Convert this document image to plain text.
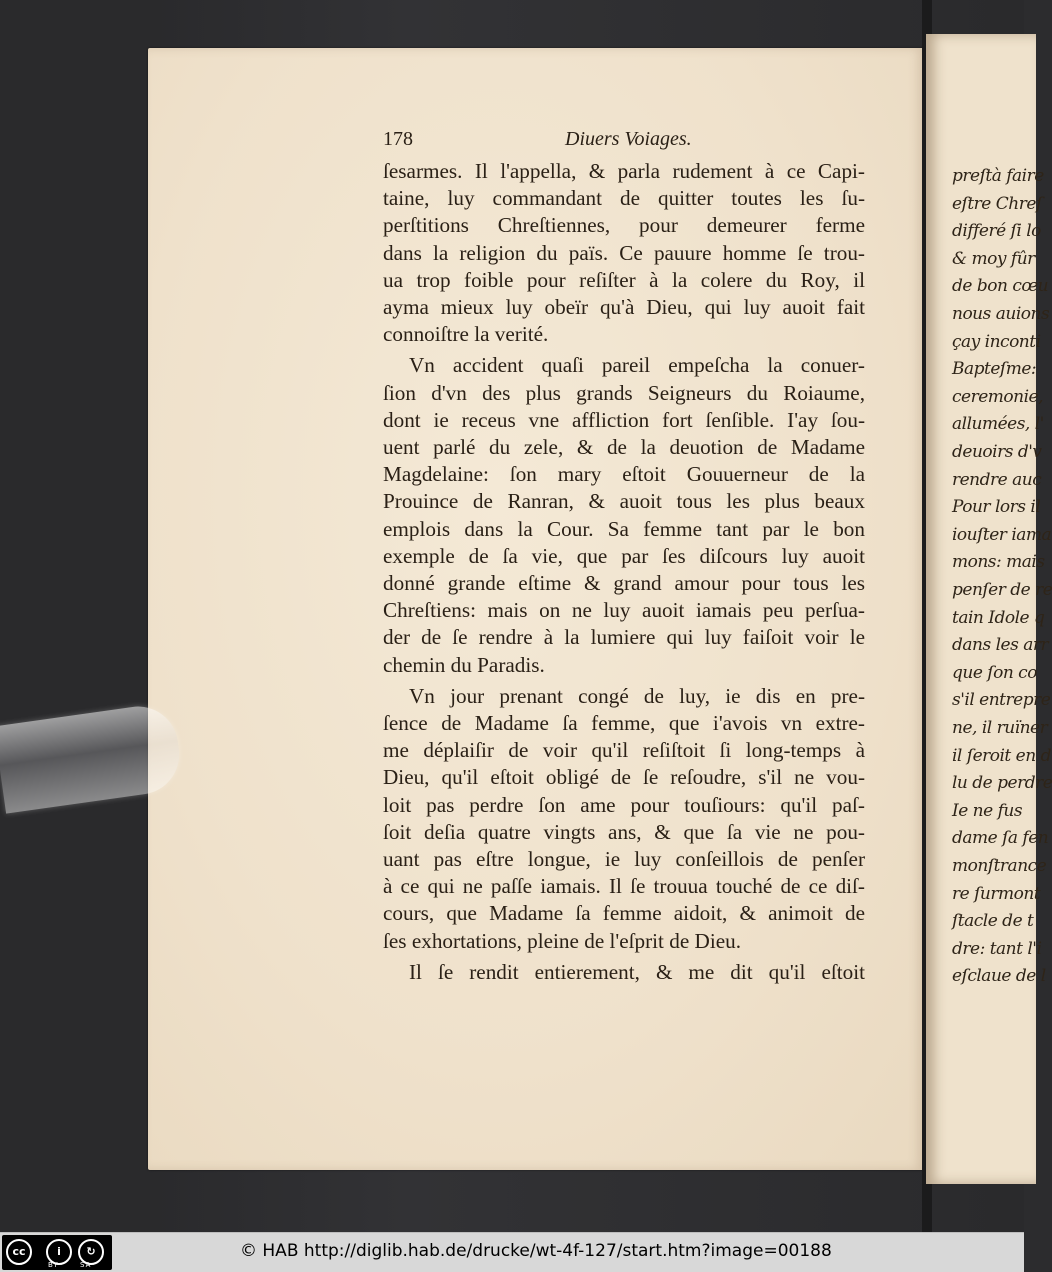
preſtà faire
eſtre Chreſ
differé ſi lo
& moy fûr
de bon cœu
nous auions
çay inconti
Bapteſme:
ceremonie,
allumées, l'
deuoirs d'v
rendre auc
Pour lors il
iouſter iama
mons: mais
penſer de re
tain Idole q
dans les arr
que ſon co
s'il entrepre
ne, il ruïner
il ſeroit en d
lu de perdre
Ie ne fus
dame ſa fen
monſtrance
re ſurmont
ſtacle de t
dre: tant l'i
eſclaue de l
178	Diuers Voiages.
ſesarmes. Il l'appella, & parla rudement à ce Capi-
taine, luy commandant de quitter toutes les ſu-
perſtitions Chreſtiennes, pour demeurer ferme
dans la religion du païs. Ce pauure homme ſe trou-
ua trop foible pour reſiſter à la colere du Roy, il
ayma mieux luy obeïr qu'à Dieu, qui luy auoit fait
connoiſtre la verité.
Vn accident quaſi pareil empeſcha la conuer-
ſion d'vn des plus grands Seigneurs du Roiaume,
dont ie receus vne affliction fort ſenſible. I'ay ſou-
uent parlé du zele, & de la deuotion de Madame
Magdelaine: ſon mary eſtoit Gouuerneur de la
Prouince de Ranran, & auoit tous les plus beaux
emplois dans la Cour. Sa femme tant par le bon
exemple de ſa vie, que par ſes diſcours luy auoit
donné grande eſtime & grand amour pour tous les
Chreſtiens: mais on ne luy auoit iamais peu perſua-
der de ſe rendre à la lumiere qui luy faiſoit voir le
chemin du Paradis.
Vn jour prenant congé de luy, ie dis en pre-
ſence de Madame ſa femme, que i'avois vn extre-
me déplaiſir de voir qu'il reſiſtoit ſi long-temps à
Dieu, qu'il eſtoit obligé de ſe reſoudre, s'il ne vou-
loit pas perdre ſon ame pour touſiours: qu'il paſ-
ſoit deſia quatre vingts ans, & que ſa vie ne pou-
uant pas eſtre longue, ie luy conſeillois de penſer
à ce qui ne paſſe iamais. Il ſe trouua touché de ce diſ-
cours, que Madame ſa femme aidoit, & animoit de
ſes exhortations, pleine de l'eſprit de Dieu.
Il ſe rendit entierement, & me dit qu'il eſtoit
cc	i	↻
BY	SA
© HAB http://diglib.hab.de/drucke/wt-4f-127/start.htm?image=00188
